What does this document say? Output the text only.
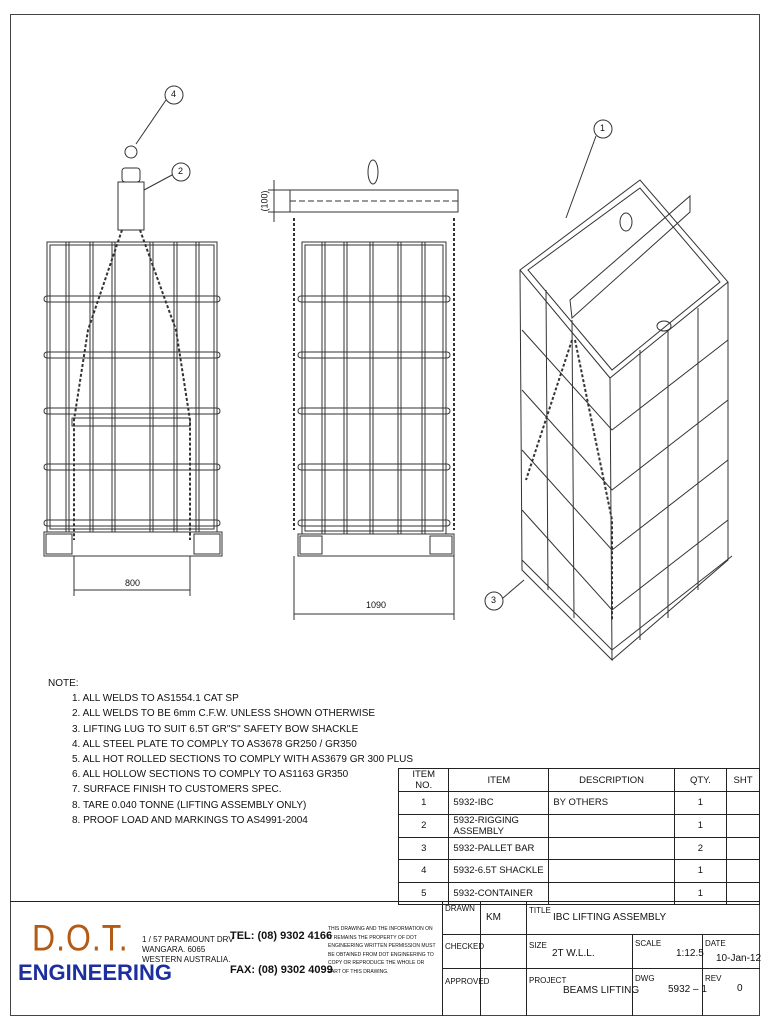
4
2
1
3
800
1090
(100)
NOTE:
1. ALL WELDS TO AS1554.1 CAT SP
2. ALL WELDS TO BE 6mm C.F.W. UNLESS SHOWN OTHERWISE
3. LIFTING LUG TO SUIT 6.5T GR"S" SAFETY BOW SHACKLE
4. ALL STEEL PLATE TO COMPLY TO AS3678 GR250 / GR350
5. ALL HOT ROLLED SECTIONS TO COMPLY WITH AS3679 GR 300 PLUS
6. ALL HOLLOW SECTIONS TO COMPLY TO AS1163 GR350
7. SURFACE FINISH TO CUSTOMERS SPEC.
8. TARE 0.040 TONNE (LIFTING ASSEMBLY ONLY)
8. PROOF LOAD AND MARKINGS TO AS4991-2004
ITEM NO.	ITEM	DESCRIPTION	QTY.	SHT
1	5932-IBC	BY OTHERS	1	
2	5932-RIGGING ASSEMBLY		1	
3	5932-PALLET BAR		2	
4	5932-6.5T SHACKLE		1	
5	5932-CONTAINER		1	
D.O.T.
ENGINEERING
1 / 57 PARAMOUNT DRV
WANGARA. 6065
WESTERN AUSTRALIA.
TEL: (08) 9302 4166
FAX: (08) 9302 4099
THIS DRAWING AND THE INFORMATION ON IT REMAINS THE PROPERTY OF DOT ENGINEERING WRITTEN PERMISSION MUST BE OBTAINED FROM DOT ENGINEERING TO COPY OR REPRODUCE THE WHOLE OR PART OF THIS DRAWING.
DRAWN
KM
CHECKED
APPROVED
TITLE
IBC LIFTING ASSEMBLY
SIZE
2T W.L.L.
SCALE
1:12.5
DATE
10-Jan-12
PROJECT
BEAMS LIFTING
DWG
5932 – 1
REV
0
